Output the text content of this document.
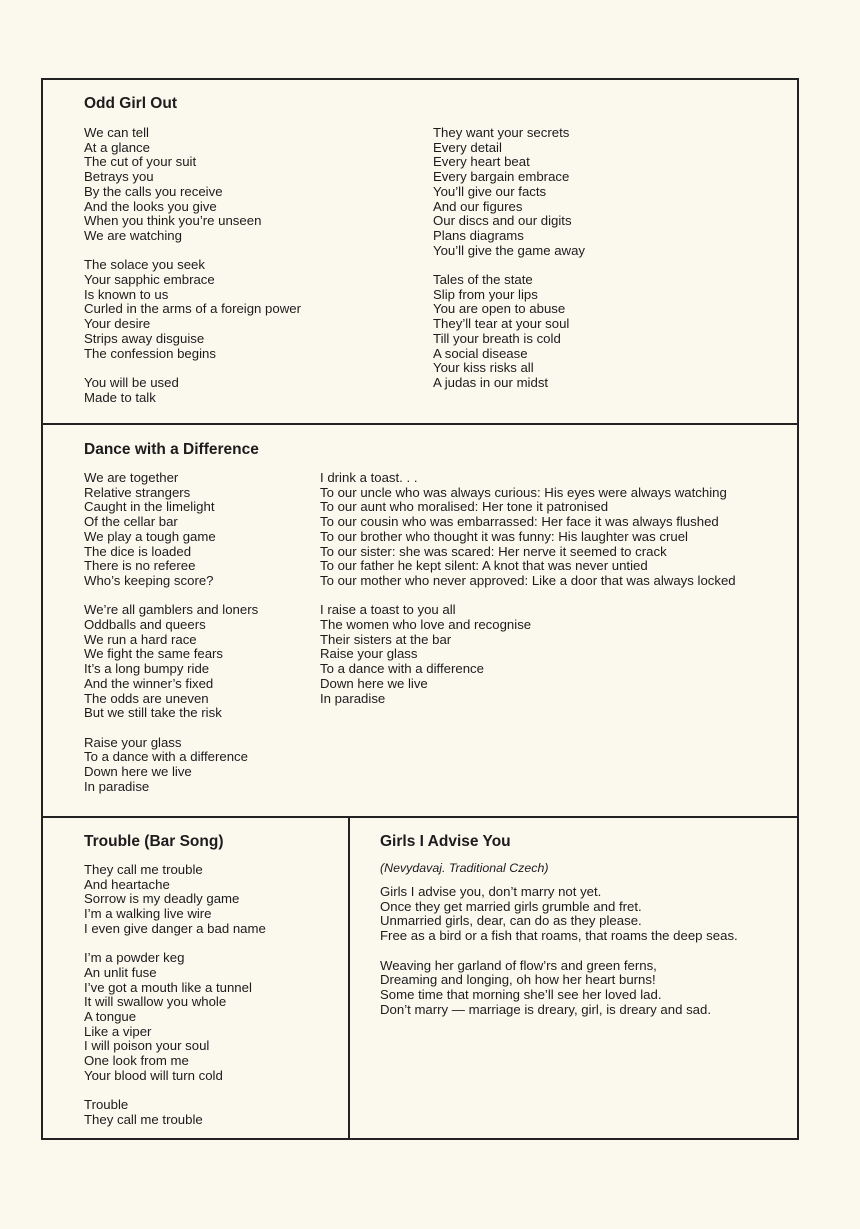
Odd Girl Out
We can tell
At a glance
The cut of your suit
Betrays you
By the calls you receive
And the looks you give
When you think you’re unseen
We are watching
The solace you seek
Your sapphic embrace
Is known to us
Curled in the arms of a foreign power
Your desire
Strips away disguise
The confession begins
You will be used
Made to talk
They want your secrets
Every detail
Every heart beat
Every bargain embrace
You’ll give our facts
And our figures
Our discs and our digits
Plans diagrams
You’ll give the game away
Tales of the state
Slip from your lips
You are open to abuse
They’ll tear at your soul
Till your breath is cold
A social disease
Your kiss risks all
A judas in our midst
Dance with a Difference
We are together
Relative strangers
Caught in the limelight
Of the cellar bar
We play a tough game
The dice is loaded
There is no referee
Who’s keeping score?
We’re all gamblers and loners
Oddballs and queers
We run a hard race
We fight the same fears
It’s a long bumpy ride
And the winner’s fixed
The odds are uneven
But we still take the risk
Raise your glass
To a dance with a difference
Down here we live
In paradise
I drink a toast. . .
To our uncle who was always curious: His eyes were always watching
To our aunt who moralised: Her tone it patronised
To our cousin who was embarrassed: Her face it was always flushed
To our brother who thought it was funny: His laughter was cruel
To our sister: she was scared: Her nerve it seemed to crack
To our father he kept silent: A knot that was never untied
To our mother who never approved: Like a door that was always locked
I raise a toast to you all
The women who love and recognise
Their sisters at the bar
Raise your glass
To a dance with a difference
Down here we live
In paradise
Trouble (Bar Song)
They call me trouble
And heartache
Sorrow is my deadly game
I’m a walking live wire
I even give danger a bad name
I’m a powder keg
An unlit fuse
I’ve got a mouth like a tunnel
It will swallow you whole
A tongue
Like a viper
I will poison your soul
One look from me
Your blood will turn cold
Trouble
They call me trouble
Girls I Advise You
(Nevydavaj. Traditional Czech)
Girls I advise you, don’t marry not yet.
Once they get married girls grumble and fret.
Unmarried girls, dear, can do as they please.
Free as a bird or a fish that roams, that roams the deep seas.
Weaving her garland of flow’rs and green ferns,
Dreaming and longing, oh how her heart burns!
Some time that morning she’ll see her loved lad.
Don’t marry — marriage is dreary, girl, is dreary and sad.
